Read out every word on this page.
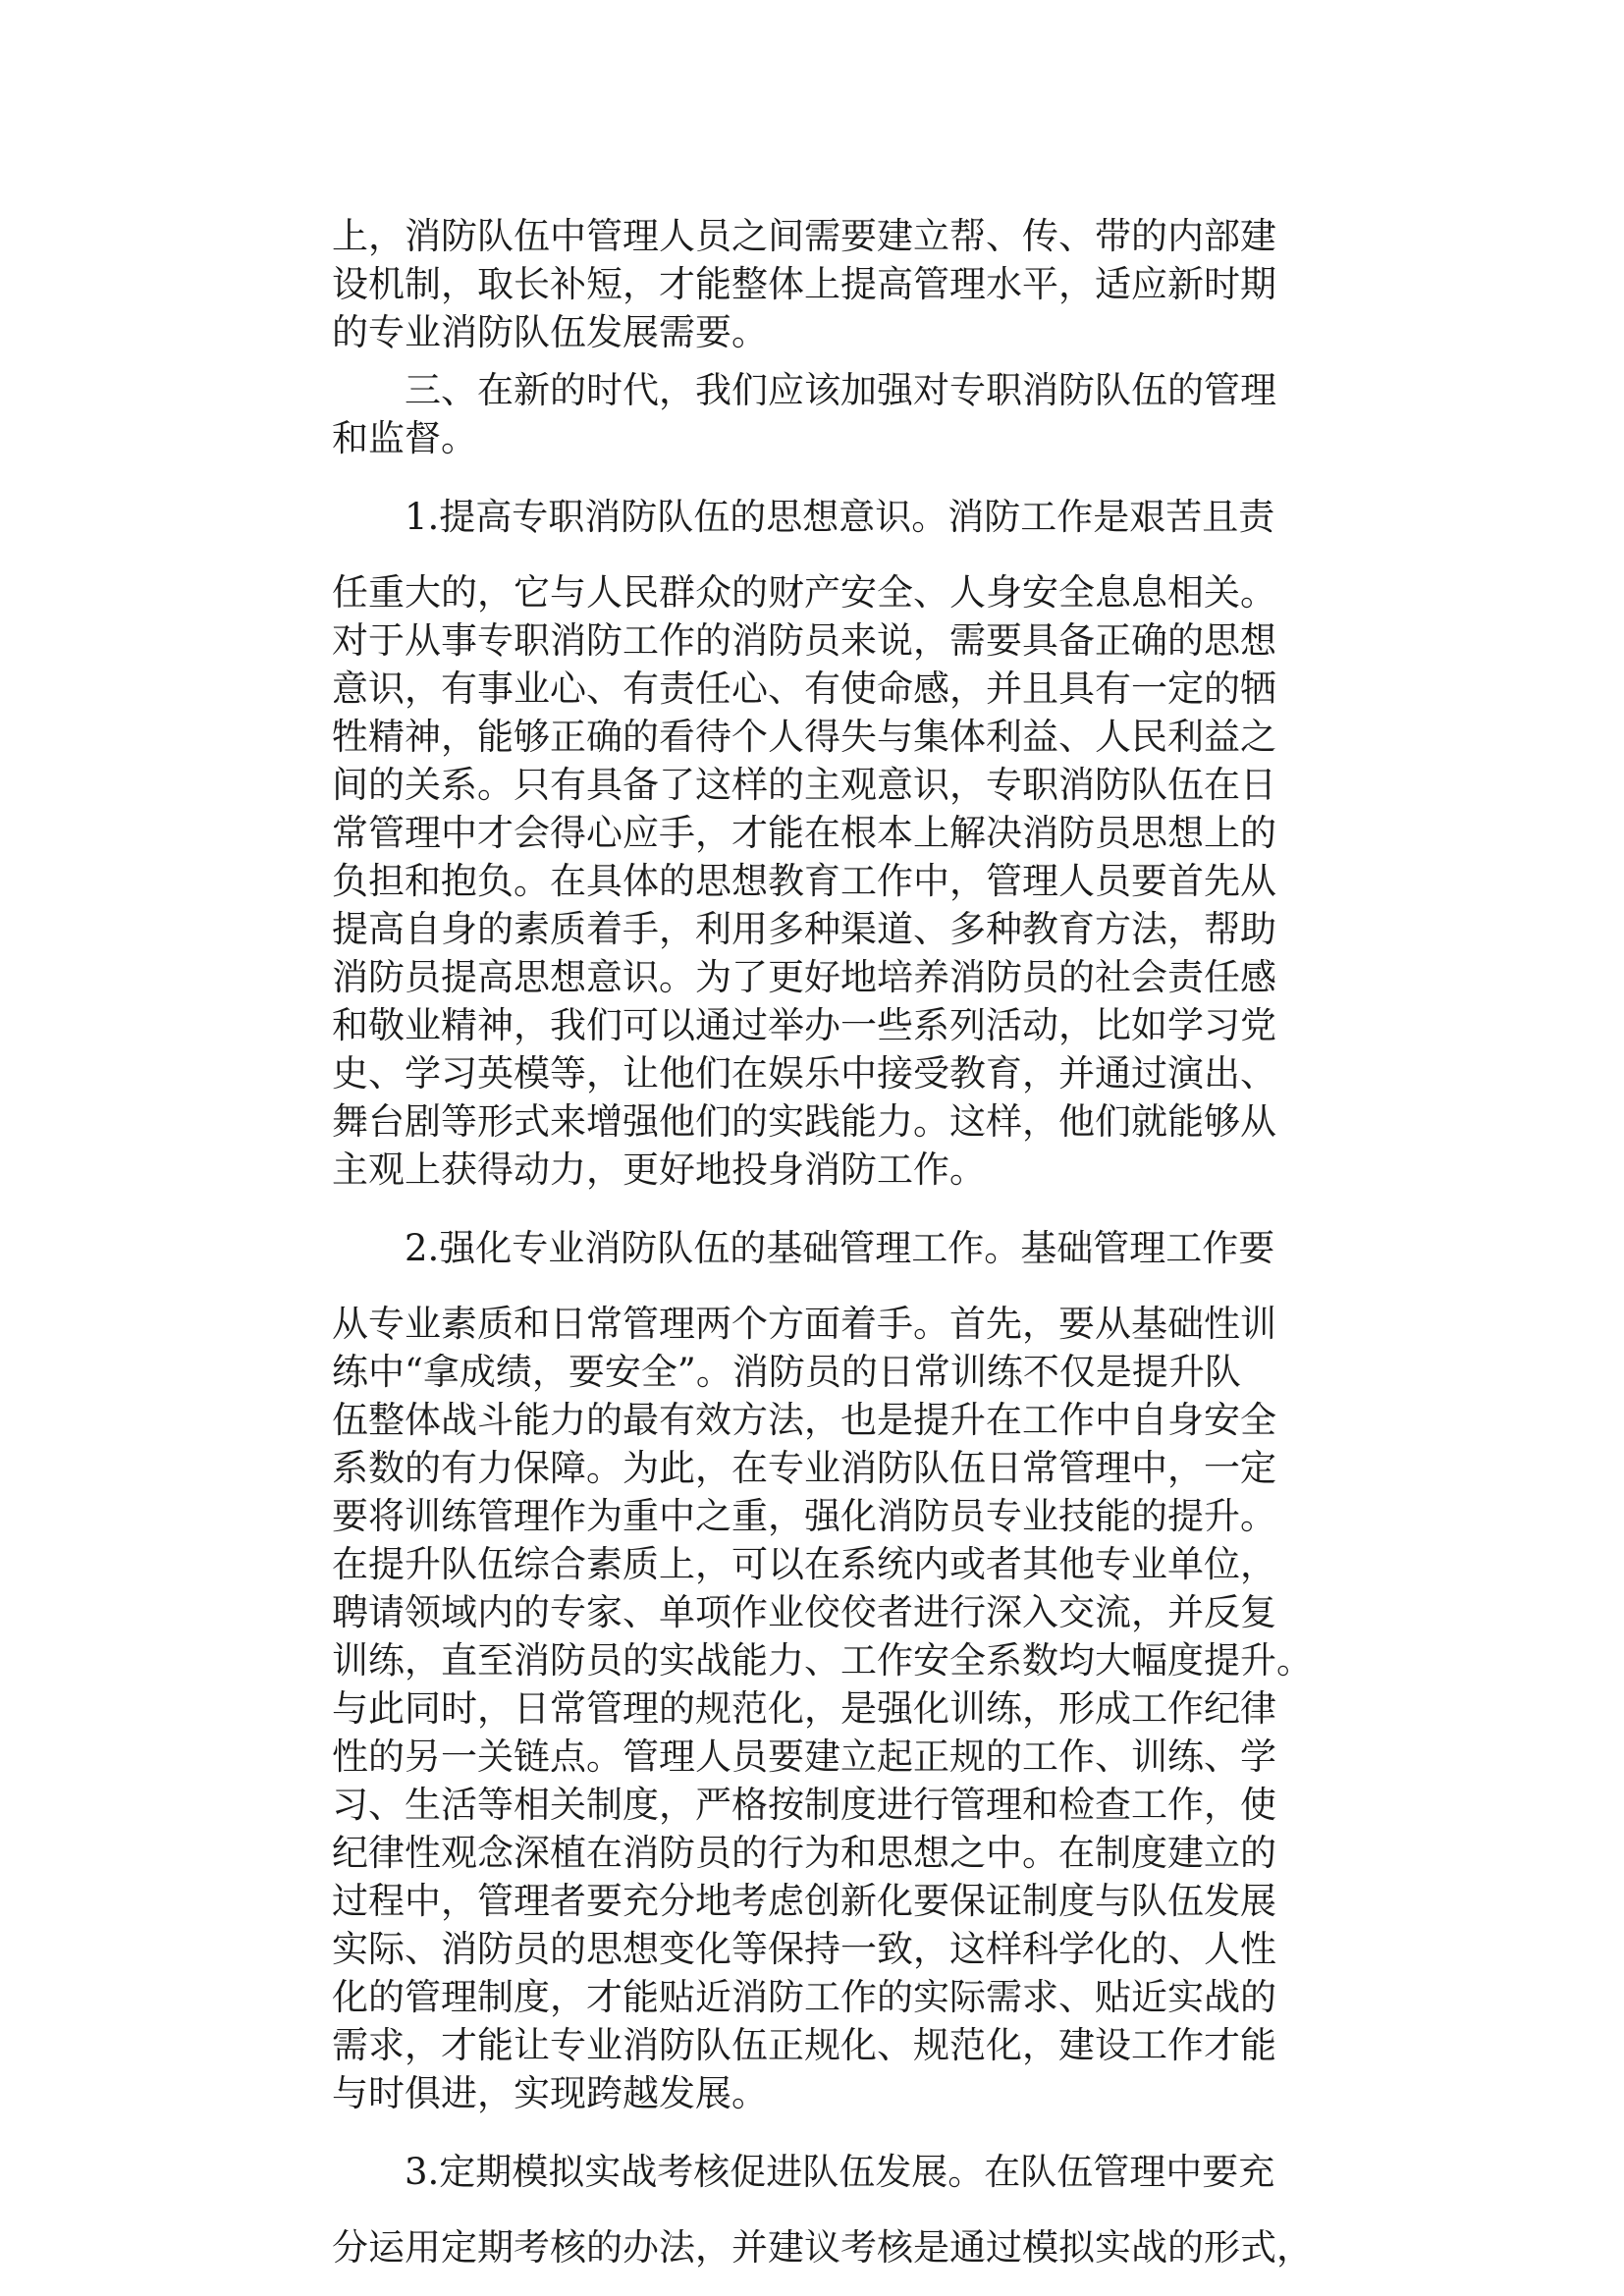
上，消防队伍中管理人员之间需要建立帮、传、带的内部建

设机制，取长补短，才能整体上提高管理水平，适应新时期

的专业消防队伍发展需要。

三、在新的时代，我们应该加强对专职消防队伍的管理

和监督。

1.提高专职消防队伍的思想意识。消防工作是艰苦且责

任重大的，它与人民群众的财产安全、人身安全息息相关。

对于从事专职消防工作的消防员来说，需要具备正确的思想

意识，有事业心、有责任心、有使命感，并且具有一定的牺

牲精神，能够正确的看待个人得失与集体利益、人民利益之

间的关系。只有具备了这样的主观意识，专职消防队伍在日

常管理中才会得心应手，才能在根本上解决消防员思想上的

负担和抱负。在具体的思想教育工作中，管理人员要首先从

提高自身的素质着手，利用多种渠道、多种教育方法，帮助

消防员提高思想意识。为了更好地培养消防员的社会责任感

和敬业精神，我们可以通过举办一些系列活动，比如学习党

史、学习英模等，让他们在娱乐中接受教育，并通过演出、

舞台剧等形式来增强他们的实践能力。这样，他们就能够从

主观上获得动力，更好地投身消防工作。

2.强化专业消防队伍的基础管理工作。基础管理工作要

从专业素质和日常管理两个方面着手。首先，要从基础性训

练中“拿成绩，要安全”。消防员的日常训练不仅是提升队

伍整体战斗能力的最有效方法，也是提升在工作中自身安全

系数的有力保障。为此，在专业消防队伍日常管理中，一定

要将训练管理作为重中之重，强化消防员专业技能的提升。

在提升队伍综合素质上，可以在系统内或者其他专业单位，

聘请领域内的专家、单项作业佼佼者进行深入交流，并反复

训练，直至消防员的实战能力、工作安全系数均大幅度提升。

与此同时，日常管理的规范化，是强化训练，形成工作纪律

性的另一关链点。管理人员要建立起正规的工作、训练、学

习、生活等相关制度，严格按制度进行管理和检查工作，使

纪律性观念深植在消防员的行为和思想之中。在制度建立的

过程中，管理者要充分地考虑创新化要保证制度与队伍发展

实际、消防员的思想变化等保持一致，这样科学化的、人性

化的管理制度，才能贴近消防工作的实际需求、贴近实战的

需求，才能让专业消防队伍正规化、规范化，建设工作才能

与时俱进，实现跨越发展。

3.定期模拟实战考核促进队伍发展。在队伍管理中要充

分运用定期考核的办法，并建议考核是通过模拟实战的形式，
